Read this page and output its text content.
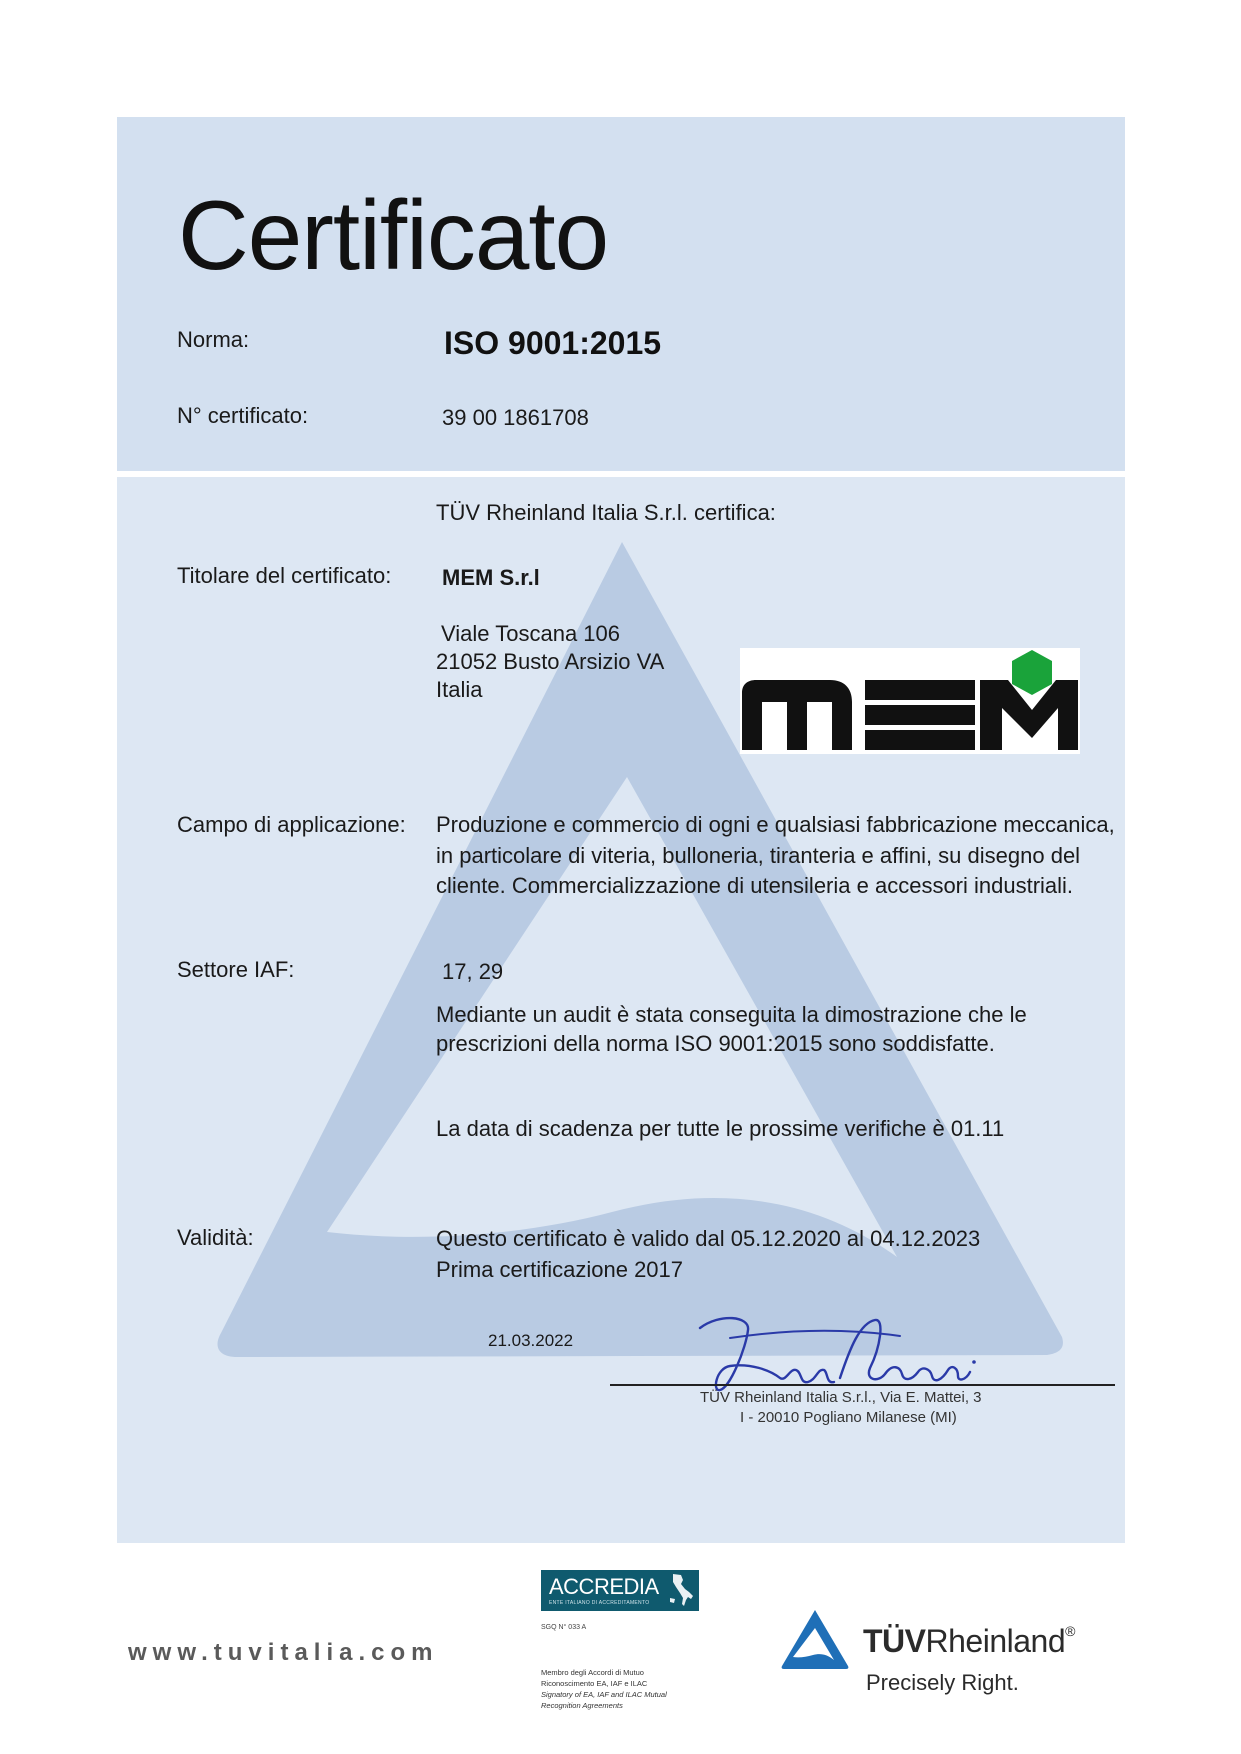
Certificato
Norma:	ISO 9001:2015
N° certificato:	39 00 1861708
TÜV Rheinland Italia S.r.l. certifica:
Titolare del certificato: MEM S.r.l
Viale Toscana 106
21052 Busto Arsizio VA
Italia
Campo di applicazione: Produzione e commercio di ogni e qualsiasi fabbricazione meccanica, in particolare di viteria, bulloneria, tiranteria e affini, su disegno del cliente. Commercializzazione di utensileria e accessori industriali.
Settore IAF:	17, 29
Mediante un audit è stata conseguita la dimostrazione che le prescrizioni della norma ISO 9001:2015 sono soddisfatte.
La data di scadenza per tutte le prossime verifiche è 01.11
Validità:	Questo certificato è valido dal 05.12.2020 al 04.12.2023
Prima certificazione 2017
21.03.2022
TÜV Rheinland Italia S.r.l., Via E. Mattei, 3
I - 20010 Pogliano Milanese (MI)
www.tuvitalia.com
ACCREDIA
ENTE ITALIANO DI ACCREDITAMENTO
SGQ N° 033 A
Membro degli Accordi di Mutuo Riconoscimento EA, IAF e ILAC
Signatory of EA, IAF and ILAC Mutual Recognition Agreements
TÜVRheinland®
Precisely Right.
